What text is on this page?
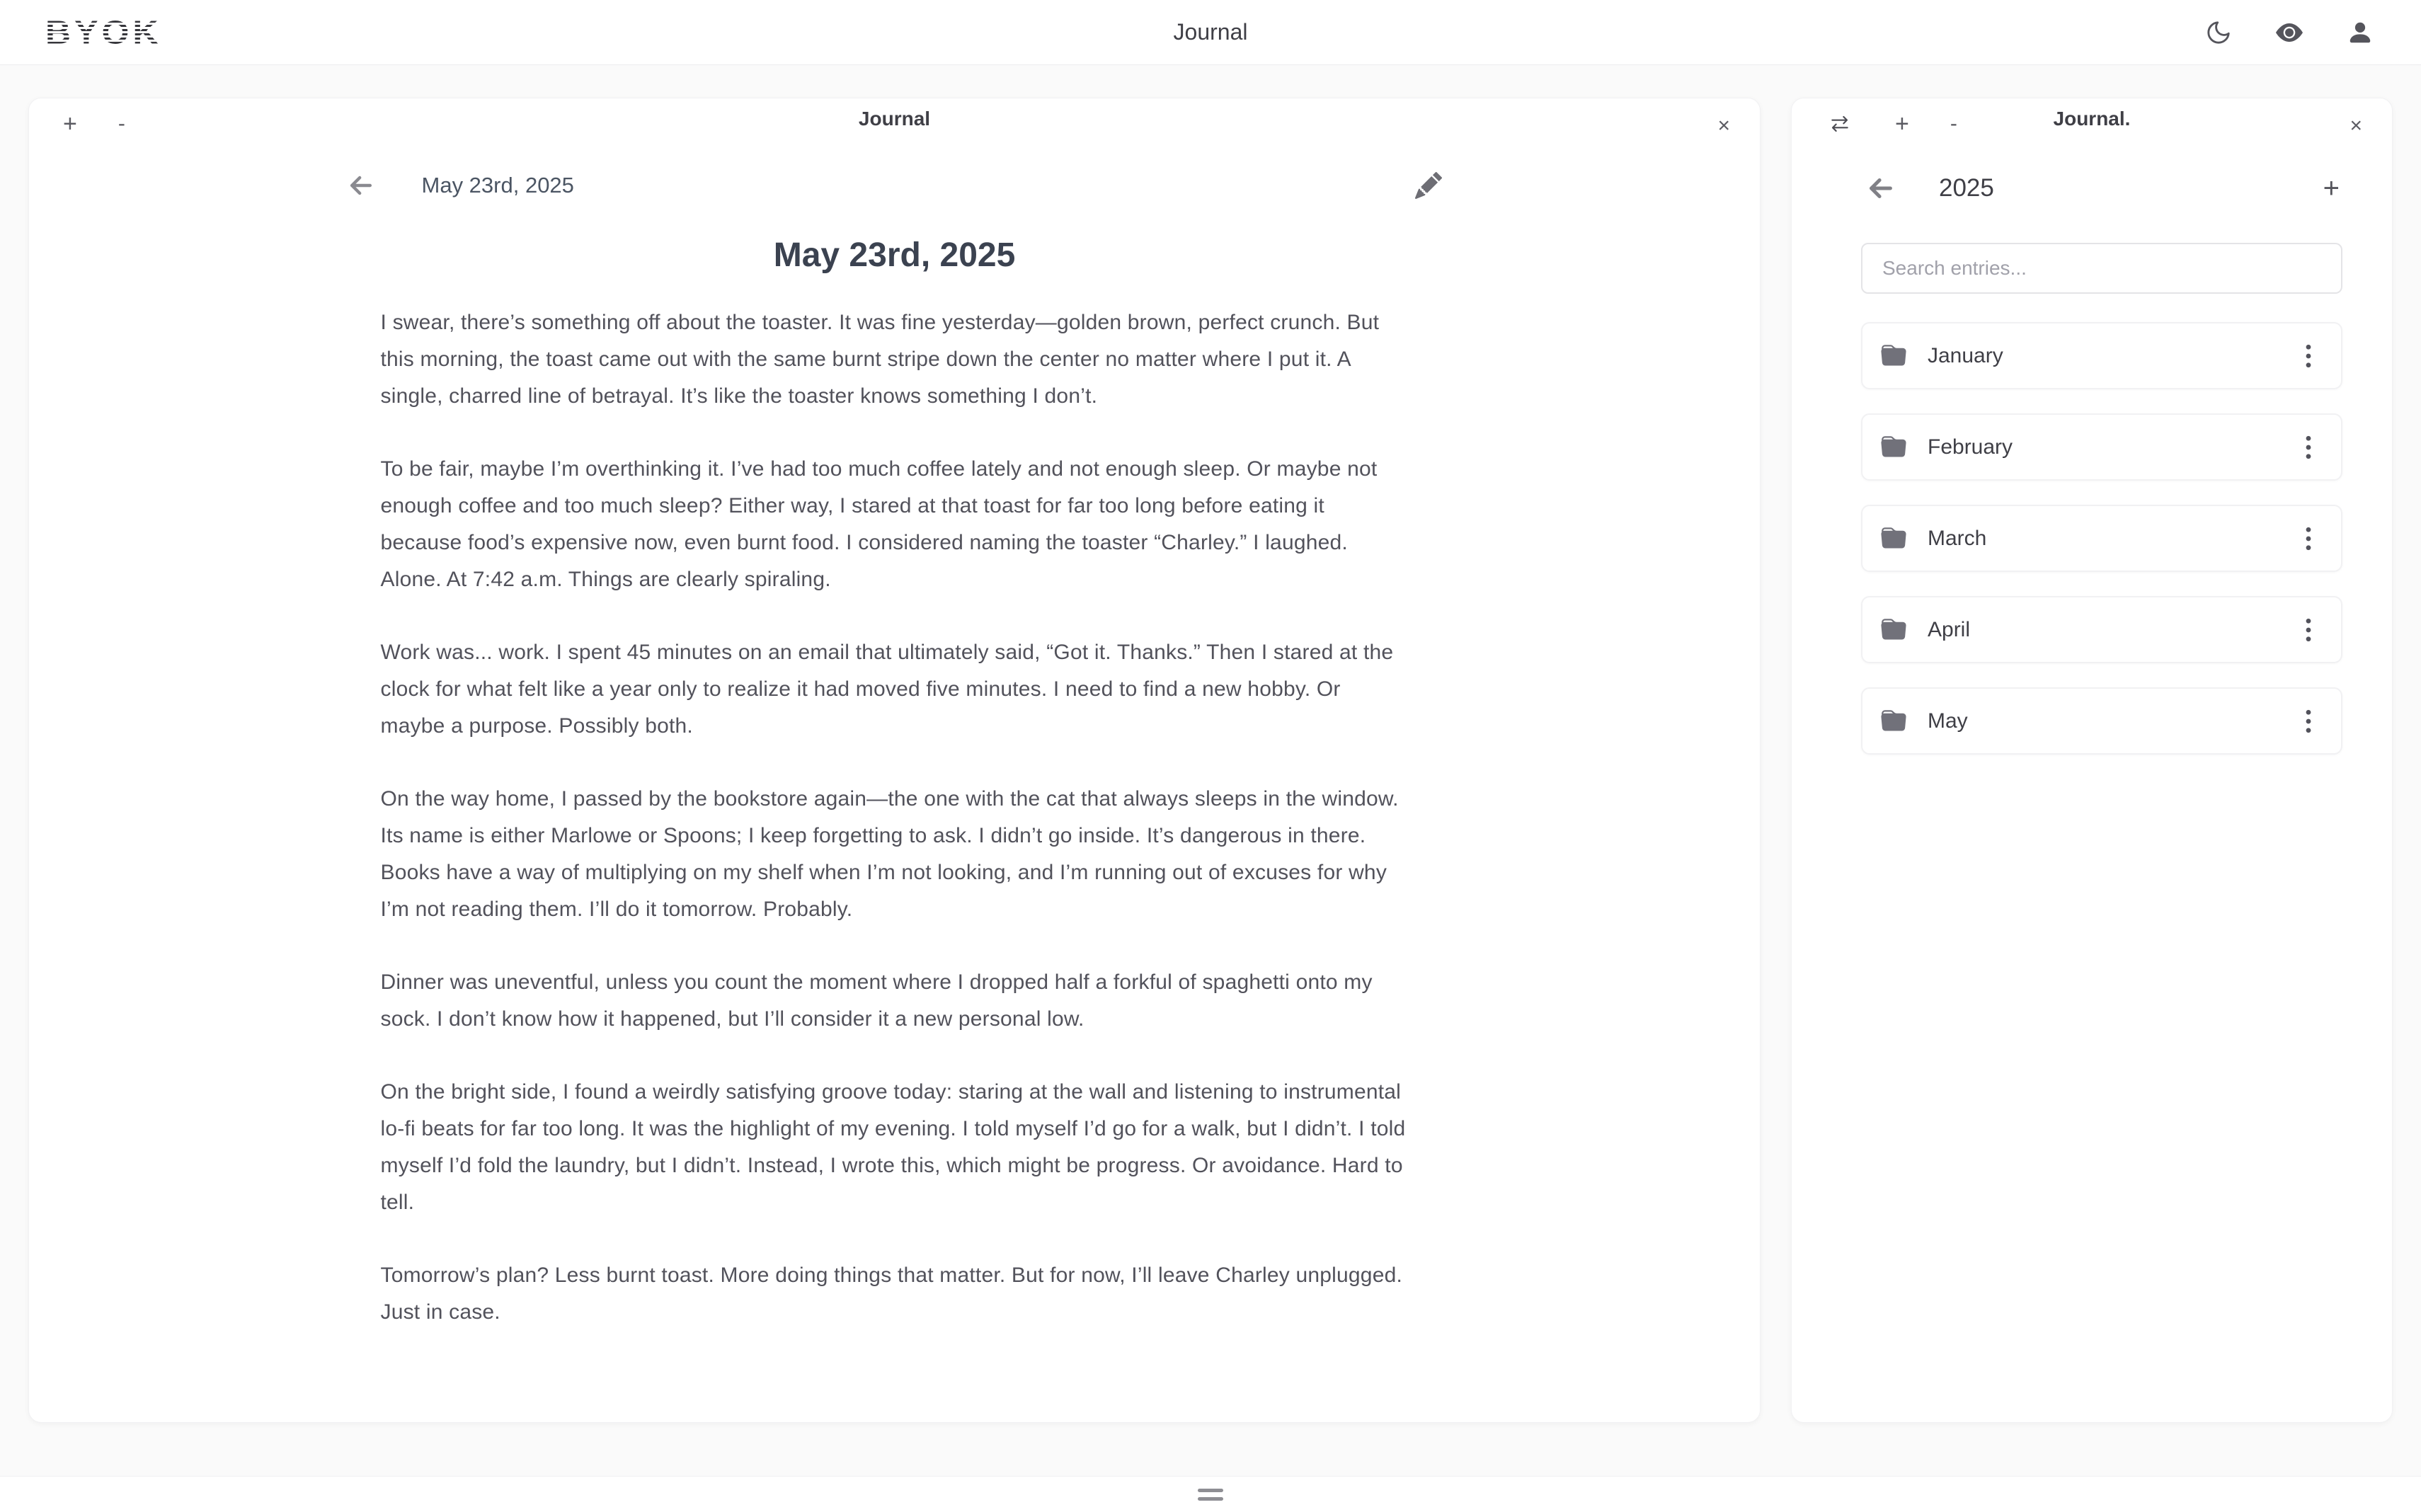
BYOK	Journal
+ -	Journal	×
May 23rd, 2025
May 23rd, 2025

I swear, there’s something off about the toaster. It was fine yesterday—golden brown, perfect crunch. But this morning, the toast came out with the same burnt stripe down the center no matter where I put it. A single, charred line of betrayal. It’s like the toaster knows something I don’t.

To be fair, maybe I’m overthinking it. I’ve had too much coffee lately and not enough sleep. Or maybe not enough coffee and too much sleep? Either way, I stared at that toast for far too long before eating it because food’s expensive now, even burnt food. I considered naming the toaster “Charley.” I laughed. Alone. At 7:42 a.m. Things are clearly spiraling.

Work was... work. I spent 45 minutes on an email that ultimately said, “Got it. Thanks.” Then I stared at the clock for what felt like a year only to realize it had moved five minutes. I need to find a new hobby. Or maybe a purpose. Possibly both.

On the way home, I passed by the bookstore again—the one with the cat that always sleeps in the window. Its name is either Marlowe or Spoons; I keep forgetting to ask. I didn’t go inside. It’s dangerous in there. Books have a way of multiplying on my shelf when I’m not looking, and I’m running out of excuses for why I’m not reading them. I’ll do it tomorrow. Probably.

Dinner was uneventful, unless you count the moment where I dropped half a forkful of spaghetti onto my sock. I don’t know how it happened, but I’ll consider it a new personal low.

On the bright side, I found a weirdly satisfying groove today: staring at the wall and listening to instrumental lo-fi beats for far too long. It was the highlight of my evening. I told myself I’d go for a walk, but I didn’t. I told myself I’d fold the laundry, but I didn’t. Instead, I wrote this, which might be progress. Or avoidance. Hard to tell.

Tomorrow’s plan? Less burnt toast. More doing things that matter. But for now, I’ll leave Charley unplugged. Just in case.

+ -	Journal.	×
2025	+
Search entries...
January
February
March
April
May
